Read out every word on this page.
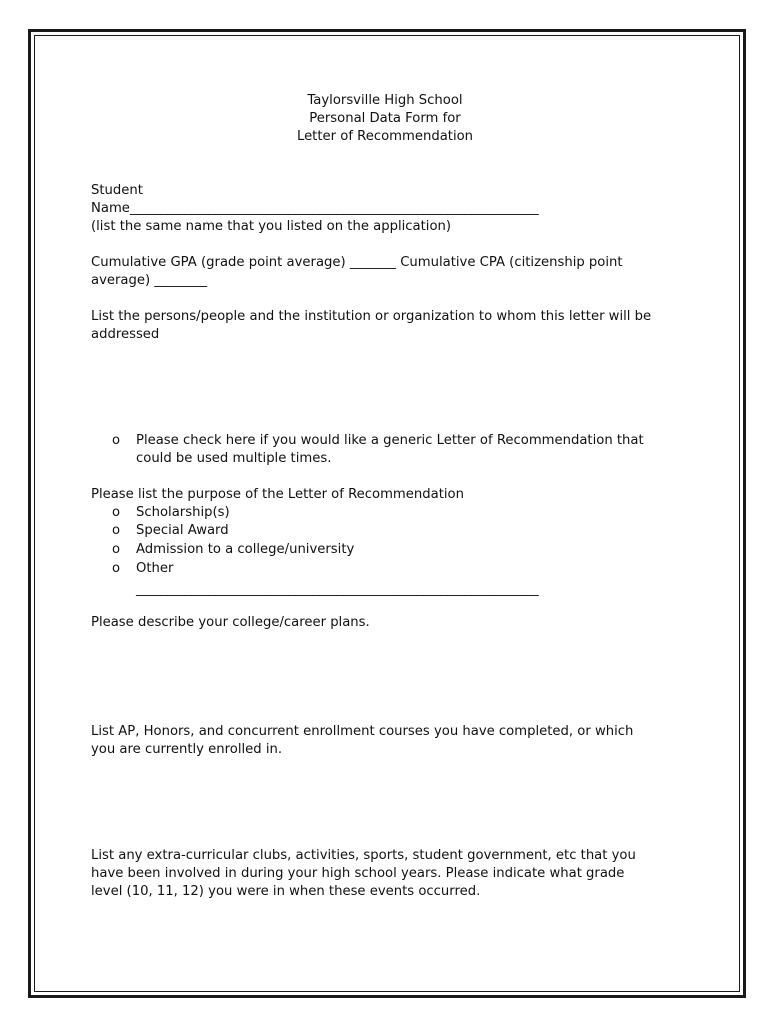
Taylorsville High School
Personal Data Form for
Letter of Recommendation
Student
Name___________________________________________________________________
(list the same name that you listed on the application)
Cumulative GPA (grade point average) _______ Cumulative CPA (citizenship point
average) ________
List the persons/people and the institution or organization to whom this letter will be
addressed
o	Please check here if you would like a generic Letter of Recommendation that
could be used multiple times.
Please list the purpose of the Letter of Recommendation
o	Scholarship(s)
o	Special Award
o	Admission to a college/university
o	Other
__________________________________________________________________
Please describe your college/career plans.
List AP, Honors, and concurrent enrollment courses you have completed, or which
you are currently enrolled in.
List any extra-curricular clubs, activities, sports, student government, etc that you
have been involved in during your high school years. Please indicate what grade
level (10, 11, 12) you were in when these events occurred.
